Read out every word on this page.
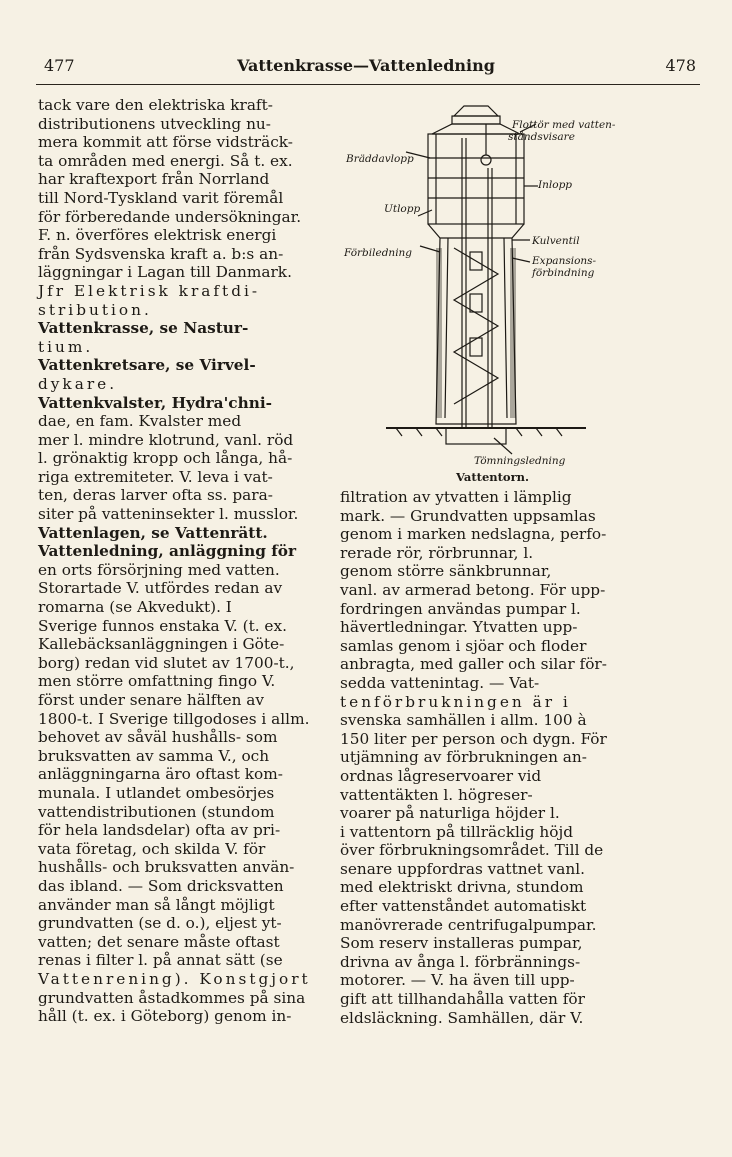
477	Vattenkrasse—Vattenledning	478

tack vare den elektriska kraft-

distributionens utveckling nu-

mera kommit att förse vidsträck-

ta områden med energi. Så t. ex.

har kraftexport från Norrland

till Nord-Tyskland varit föremål

för förberedande undersökningar.

F. n. överföres elektrisk energi

från Sydsvenska kraft a. b:s an-

läggningar i Lagan till Danmark.

Jfr Elektrisk kraftdi-

stribution.

Vattenkrasse, se Nastur-

tium.

Vattenkretsare, se Virvel-

dykare.

Vattenkvalster, Hydra'chni-

dae, en fam. Kvalster med

mer l. mindre klotrund, vanl. röd

l. grönaktig kropp och långa, hå-

riga extremiteter. V. leva i vat-

ten, deras larver ofta ss. para-

siter på vatteninsekter l. musslor.

Vattenlagen, se Vattenrätt.

Vattenledning, anläggning för

en orts försörjning med vatten.

Storartade V. utfördes redan av

romarna (se Akvedukt). I

Sverige funnos enstaka V. (t. ex.

Kallebäcksanläggningen i Göte-

borg) redan vid slutet av 1700-t.,

men större omfattning fingo V.

först under senare hälften av

1800-t. I Sverige tillgodoses i allm.

behovet av såväl hushålls- som

bruksvatten av samma V., och

anläggningarna äro oftast kom-

munala. I utlandet ombesörjes

vattendistributionen (stundom

för hela landsdelar) ofta av pri-

vata företag, och skilda V. för

hushålls- och bruksvatten använ-

das ibland. — Som dricksvatten

använder man så långt möjligt

grundvatten (se d. o.), eljest yt-

vatten; det senare måste oftast

renas i filter l. på annat sätt (se

Vattenrening). Konstgjort

grundvatten åstadkommes på sina

håll (t. ex. i Göteborg) genom in-

Flottör med vatten-
ståndsvisare
Bräddavlopp
Inlopp
Utlopp
Förbiledning
Kulventil
Expansions-
förbindning
Tömningsledning
Vattentorn.

filtration av ytvatten i lämplig

mark. — Grundvatten uppsamlas

genom i marken nedslagna, perfo-

rerade rör, rörbrunnar, l.

genom större sänkbrunnar,

vanl. av armerad betong. För upp-

fordringen användas pumpar l.

hävertledningar. Ytvatten upp-

samlas genom i sjöar och floder

anbragta, med galler och silar för-

sedda vattenintag. — Vat-

tenförbrukningen är i

svenska samhällen i allm. 100 à

150 liter per person och dygn. För

utjämning av förbrukningen an-

ordnas lågreservoarer vid

vattentäkten l. högreser-

voarer på naturliga höjder l.

i vattentorn på tillräcklig höjd

över förbrukningsområdet. Till de

senare uppfordras vattnet vanl.

med elektriskt drivna, stundom

efter vattenståndet automatiskt

manövrerade centrifugalpumpar.

Som reserv installeras pumpar,

drivna av ånga l. förbrännings-

motorer. — V. ha även till upp-

gift att tillhandahålla vatten för

eldsläckning. Samhällen, där V.
